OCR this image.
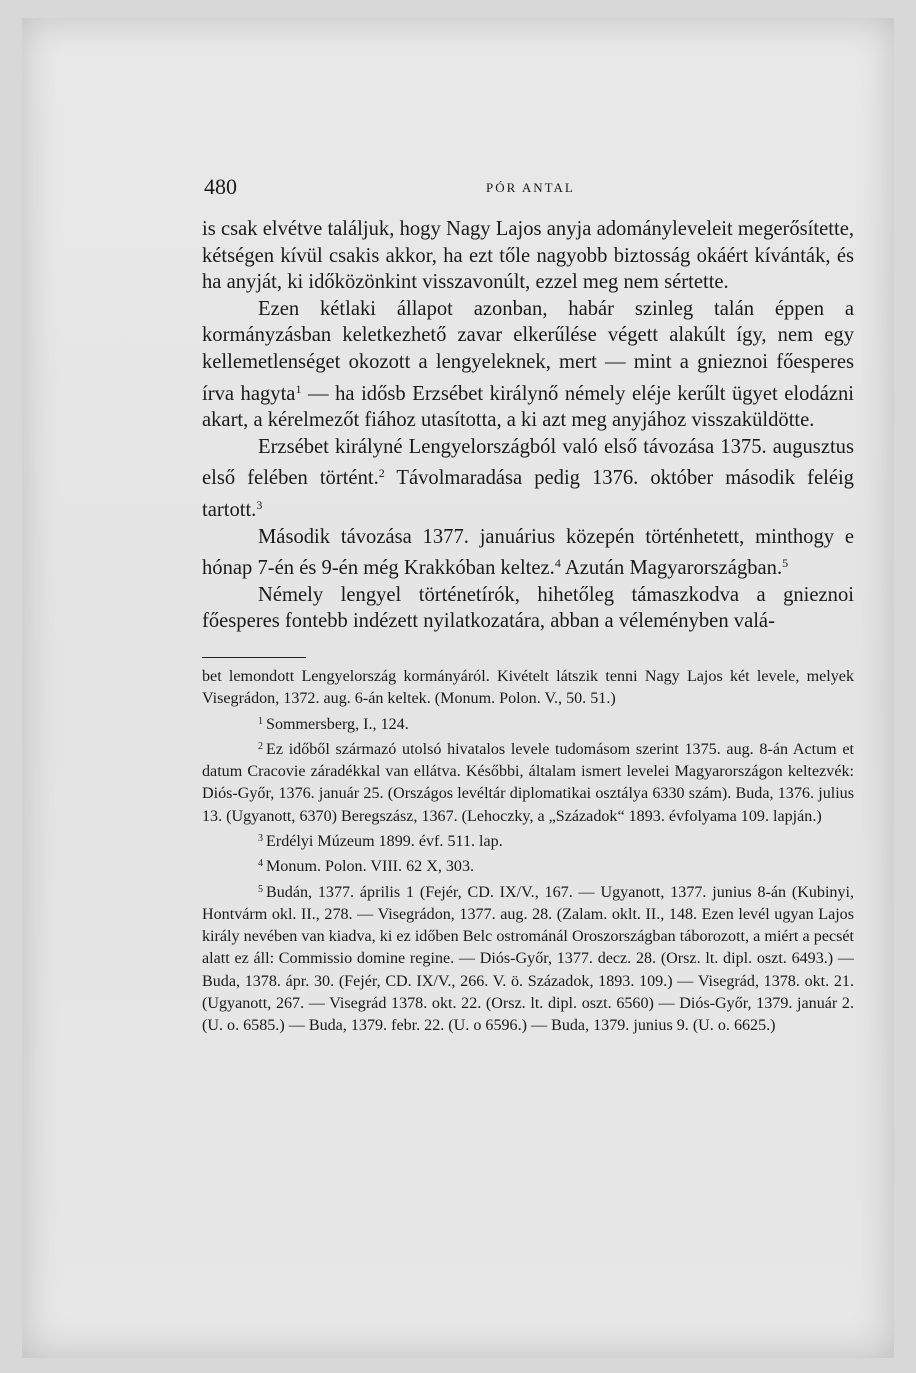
480	PÓR ANTAL

is csak elvétve találjuk, hogy Nagy Lajos anyja adományleveleit megerősítette, kétségen kívül csakis akkor, ha ezt tőle nagyobb biztosság okáért kívánták, és ha anyját, ki időközönkint visszavonúlt, ezzel meg nem sértette.

Ezen kétlaki állapot azonban, habár szinleg talán éppen a kormányzásban keletkezhető zavar elkerűlése végett alakúlt így, nem egy kellemetlenséget okozott a lengyeleknek, mert — mint a gnieznoi főesperes írva hagyta$^1$ — ha idősb Erzsébet királynő némely eléje kerűlt ügyet elodázni akart, a kérelmezőt fiához utasította, a ki azt meg anyjához visszaküldötte.

Erzsébet királyné Lengyelországból való első távozása 1375. augusztus első felében történt.$^2$ Távolmaradása pedig 1376. október második feléig tartott.$^3$

Második távozása 1377. januárius közepén történhetett, minthogy e hónap 7-én és 9-én még Krakkóban keltez.$^4$ Azután Magyarországban.$^5$

Némely lengyel történetírók, hihetőleg támaszkodva a gnieznoi főesperes fontebb indézett nyilatkozatára, abban a véleményben valá-

bet lemondott Lengyelország kormányáról. Kivételt látszik tenni Nagy Lajos két levele, melyek Visegrádon, 1372. aug. 6-án keltek. (Monum. Polon. V., 50. 51.)

$^1$ Sommersberg, I., 124.

$^2$ Ez időből származó utolsó hivatalos levele tudomásom szerint 1375. aug. 8-án Actum et datum Cracovie záradékkal van ellátva. Későbbi, általam ismert levelei Magyarországon keltezvék: Diós-Győr, 1376. január 25. (Országos levéltár diplomatikai osztálya 6330 szám). Buda, 1376. julius 13. (Ugyanott, 6370) Beregszász, 1367. (Lehoczky, a „Századok“ 1893. évfolyama 109. lapján.)

$^3$ Erdélyi Múzeum 1899. évf. 511. lap.

$^4$ Monum. Polon. VIII. 62 X, 303.

$^5$ Budán, 1377. április 1 (Fejér, CD. IX/V., 167. — Ugyanott, 1377. junius 8-án (Kubinyi, Hontvárm okl. II., 278. — Visegrádon, 1377. aug. 28. (Zalam. oklt. II., 148. Ezen levél ugyan Lajos király nevében van kiadva, ki ez időben Belc ostrománál Oroszországban táborozott, a miért a pecsét alatt ez áll: Commissio domine regine. — Diós-Győr, 1377. decz. 28. (Orsz. lt. dipl. oszt. 6493.) — Buda, 1378. ápr. 30. (Fejér, CD. IX/V., 266. V. ö. Századok, 1893. 109.) — Visegrád, 1378. okt. 21. (Ugyanott, 267. — Visegrád 1378. okt. 22. (Orsz. lt. dipl. oszt. 6560) — Diós-Győr, 1379. január 2. (U. o. 6585.) — Buda, 1379. febr. 22. (U. o 6596.) — Buda, 1379. junius 9. (U. o. 6625.)
